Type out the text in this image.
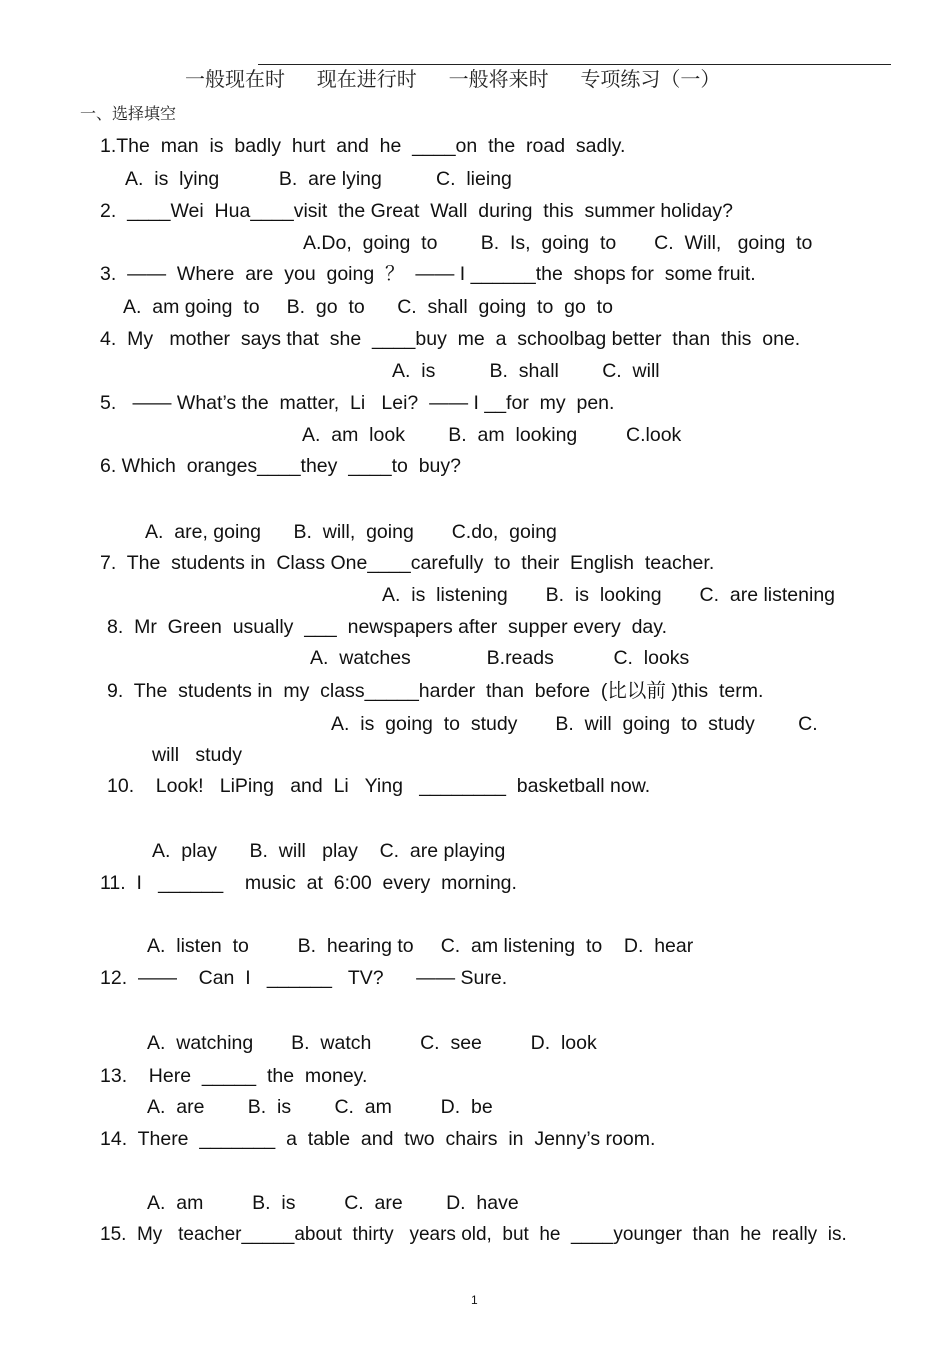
一般现在时     现在进行时     一般将来时     专项练习（一）
一、选择填空
1.The  man  is  badly  hurt  and  he  ____on  the  road  sadly.
A.  is  lying           B.  are lying          C.  lieing
2.  ____Wei  Hua____visit  the Great  Wall  during  this  summer holiday?
A.Do,  going  to        B.  Is,  going  to       C.  Will,   going  to
3.  ——  Where  are  you  going  ？  —— I ______the  shops for  some fruit.
A.  am going  to     B.  go  to      C.  shall  going  to  go  to
4.  My   mother  says that  she  ____buy  me  a  schoolbag better  than  this  one.
A.  is          B.  shall        C.  will
5.   —— What’s the  matter,  Li   Lei?  —— I __for  my  pen.
A.  am  look        B.  am  looking         C.look
6. Which  oranges____they  ____to  buy?
A.  are, going      B.  will,  going       C.do,  going
7.  The  students in  Class One____carefully  to  their  English  teacher.
A.  is  listening       B.  is  looking       C.  are listening
8.  Mr  Green  usually  ___  newspapers after  supper every  day.
A.  watches              B.reads           C.  looks
9.  The  students in  my  class_____harder  than  before  (比以前 )this  term.
A.  is  going  to  study       B.  will  going  to  study        C.
will   study
10.    Look!   LiPing   and  Li   Ying   ________  basketball now.
A.  play      B.  will   play    C.  are playing
11.  I   ______    music  at  6:00  every  morning.
A.  listen  to         B.  hearing to     C.  am listening  to    D.  hear
12.  ——    Can  I   ______   TV?      —— Sure.
A.  watching       B.  watch         C.  see         D.  look
13.    Here  _____  the  money.
A.  are        B.  is        C.  am         D.  be
14.  There  _______  a  table  and  two  chairs  in  Jenny’s room.
A.  am         B.  is         C.  are        D.  have
15.  My   teacher_____about  thirty   years old,  but  he  ____younger  than  he  really  is.
1
